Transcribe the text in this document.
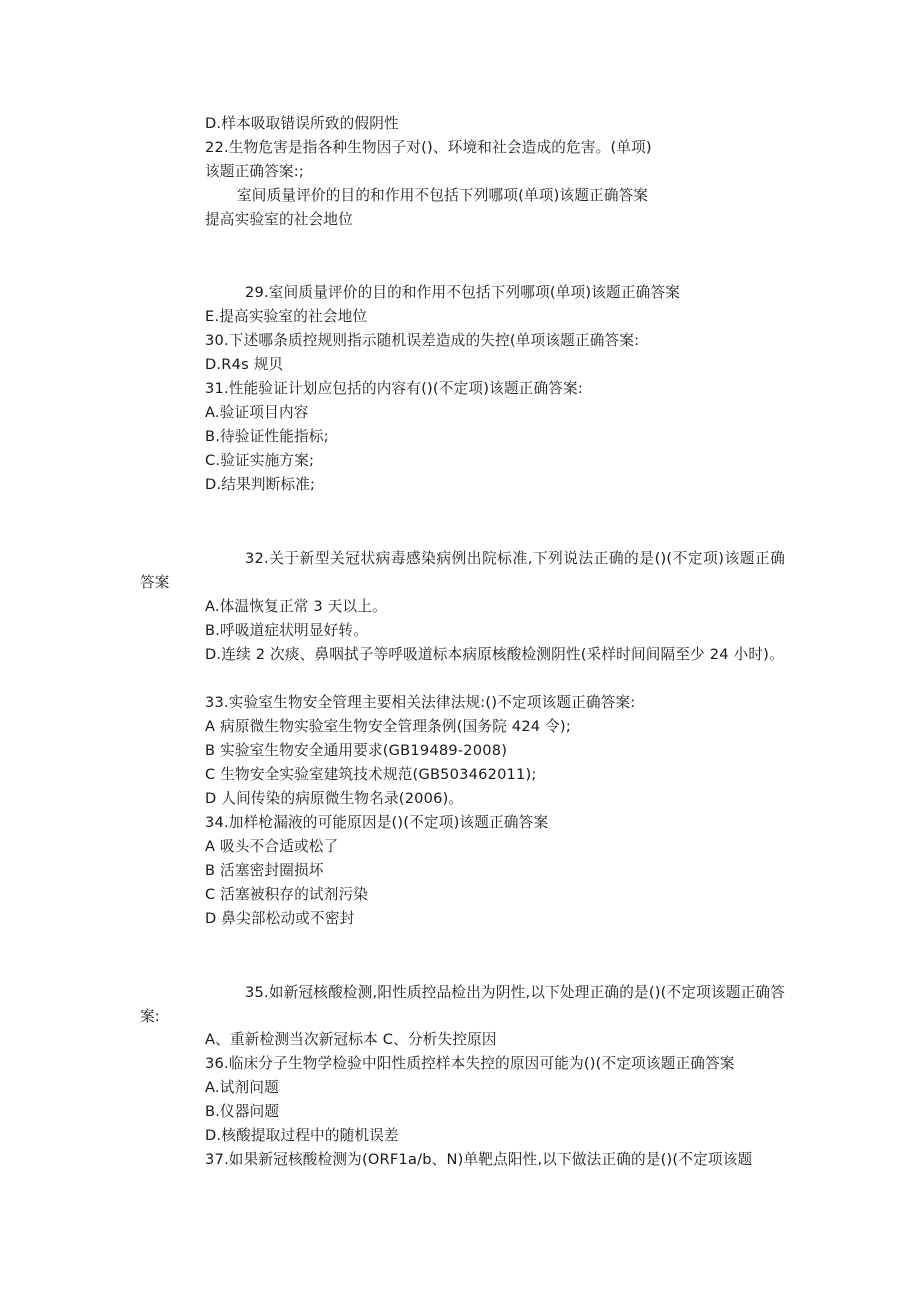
D.样本吸取错误所致的假阴性
22.生物危害是指各种生物因子对()、环境和社会造成的危害。(单项)
该题正确答案:;
室间质量评价的目的和作用不包括下列哪项(单项)该题正确答案
提高实验室的社会地位
29.室间质量评价的目的和作用不包括下列哪项(单项)该题正确答案
E.提高实验室的社会地位
30.下述哪条质控规则指示随机误差造成的失控(单项该题正确答案:
D.R4s 规贝
31.性能验证计划应包括的内容有()(不定项)该题正确答案:
A.验证项目内容
B.待验证性能指标;
C.验证实施方案;
D.结果判断标准;
32.关于新型关冠状病毒感染病例出院标准,下列说法正确的是()(不定项)该题正确答案
A.体温恢复正常 3 天以上。
B.呼吸道症状明显好转。
D.连续 2 次痰、鼻咽拭子等呼吸道标本病原核酸检测阴性(采样时间间隔至少 24 小时)。
33.实验室生物安全管理主要相关法律法规:()不定项该题正确答案:
A 病原微生物实验室生物安全管理条例(国务院 424 令);
B 实验室生物安全通用要求(GB19489-2008)
C 生物安全实验室建筑技术规范(GB503462011);
D 人间传染的病原微生物名录(2006)。
34.加样枪漏液的可能原因是()(不定项)该题正确答案
A 吸头不合适或松了
B 活塞密封圈损坏
C 活塞被积存的试剂污染
D 鼻尖部松动或不密封
35.如新冠核酸检测,阳性质控品检出为阴性,以下处理正确的是()(不定项该题正确答案:
A、重新检测当次新冠标本 C、分析失控原因
36.临床分子生物学检验中阳性质控样本失控的原因可能为()(不定项该题正确答案
A.试剂问题
B.仪器问题
D.核酸提取过程中的随机误差
37.如果新冠核酸检测为(ORF1a/b、N)单靶点阳性,以下做法正确的是()(不定项该题
